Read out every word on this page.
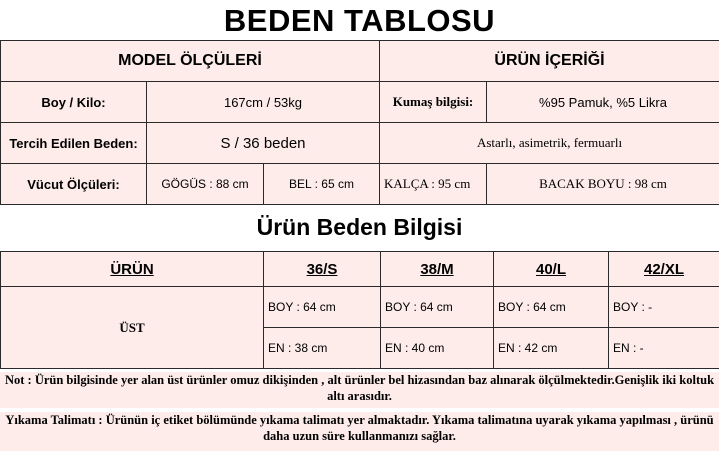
BEDEN TABLOSU
MODEL ÖLÇÜLERİ			ÜRÜN İÇERİĞİ	
Boy / Kilo:	167cm / 53kg		Kumaş bilgisi:	%95 Pamuk, %5 Likra
Tercih Edilen Beden:	S / 36 beden		Astarlı, asimetrik, fermuarlı	
Vücut Ölçüleri:	GÖGÜS : 88 cm	BEL : 65 cm	KALÇA : 95 cm	BACAK BOYU : 98 cm
Ürün Beden Bilgisi
ÜRÜN	36/S	38/M	40/L	42/XL
ÜST	BOY : 64 cm	BOY : 64 cm	BOY : 64 cm	BOY : -
	EN : 38 cm	EN : 40 cm	EN : 42 cm	EN : -
Not : Ürün bilgisinde yer alan üst ürünler omuz dikişinden , alt ürünler bel hizasından baz alınarak ölçülmektedir.Genişlik iki koltuk altı arasıdır.
Yıkama Talimatı : Ürünün iç etiket bölümünde yıkama talimatı yer almaktadır. Yıkama talimatına uyarak yıkama yapılması , ürünü daha uzun süre kullanmanızı sağlar.
